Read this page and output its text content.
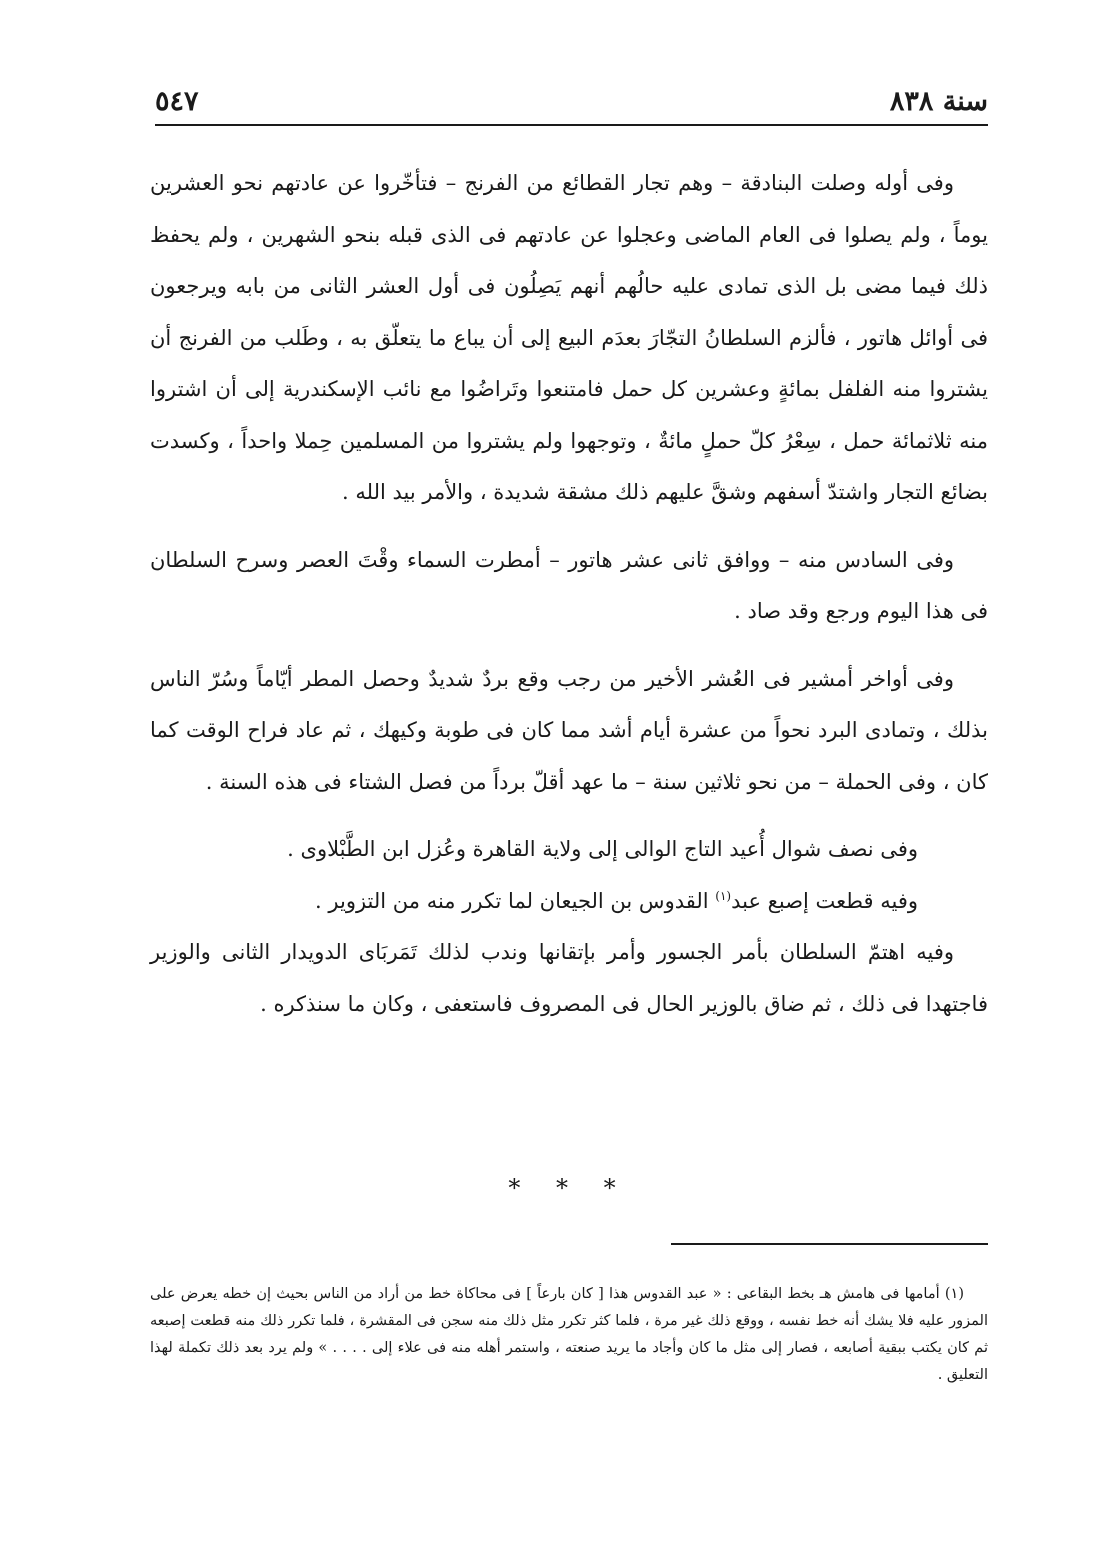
سنة ٨٣٨
٥٤٧

وفى أوله وصلت البنادقة – وهم تجار القطائع من الفرنج – فتأخّروا عن عادتهم نحو العشرين يوماً ، ولم يصلوا فى العام الماضى وعجلوا عن عادتهم فى الذى قبله بنحو الشهرين ، ولم يحفظ ذلك فيما مضى بل الذى تمادى عليه حالُهم أنهم يَصِلُون فى أول العشر الثانى من بابه ويرجعون فى أوائل هاتور ، فألزم السلطانُ التجّارَ بعدَم البيع إلى أن يباع ما يتعلّق به ، وطَلب من الفرنج أن يشتروا منه الفلفل بمائةٍ وعشرين كل حمل فامتنعوا وتَراضُوا مع نائب الإسكندرية إلى أن اشتروا منه ثلاثمائة حمل ، سِعْرُ كلّ حملٍ مائةٌ ، وتوجهوا ولم يشتروا من المسلمين حِملا واحداً ، وكسدت بضائع التجار واشتدّ أسفهم وشقَّ عليهم ذلك مشقة شديدة ، والأمر بيد الله .

وفى السادس منه – ووافق ثانى عشر هاتور – أمطرت السماء وقْتَ العصر وسرح السلطان فى هذا اليوم ورجع وقد صاد .

وفى أواخر أمشير فى العُشر الأخير من رجب وقع بردٌ شديدٌ وحصل المطر أيّاماً وسُرّ الناس بذلك ، وتمادى البرد نحواً من عشرة أيام أشد مما كان فى طوبة وكيهك ، ثم عاد فراح الوقت كما كان ، وفى الحملة – من نحو ثلاثين سنة – ما عهد أقلّ برداً من فصل الشتاء فى هذه السنة .

وفى نصف شوال أُعيد التاج الوالى إلى ولاية القاهرة وعُزل ابن الطَّبْلاوى .

وفيه قطعت إصبع عبد$^{(١)}$ القدوس بن الجيعان لما تكرر منه من التزوير .

وفيه اهتمّ السلطان بأمر الجسور وأمر بإتقانها وندب لذلك تَمَربَاى الدويدار الثانى والوزير فاجتهدا فى ذلك ، ثم ضاق بالوزير الحال فى المصروف فاستعفى ، وكان ما سنذكره .

* * *
(١) أمامها فى هامش هـ بخط البقاعى : « عبد القدوس هذا [ كان بارعاً ] فى محاكاة خط من أراد من الناس بحيث إن خطه يعرض على المزور عليه فلا يشك أنه خط نفسه ، ووقع ذلك غير مرة ، فلما كثر تكرر مثل ذلك منه سجن فى المقشرة ، فلما تكرر ذلك منه قطعت إصبعه ثم كان يكتب ببقية أصابعه ، فصار إلى مثل ما كان وأجاد ما يريد صنعته ، واستمر أهله منه فى علاء إلى . . . . » ولم يرد بعد ذلك تكملة لهذا التعليق .
